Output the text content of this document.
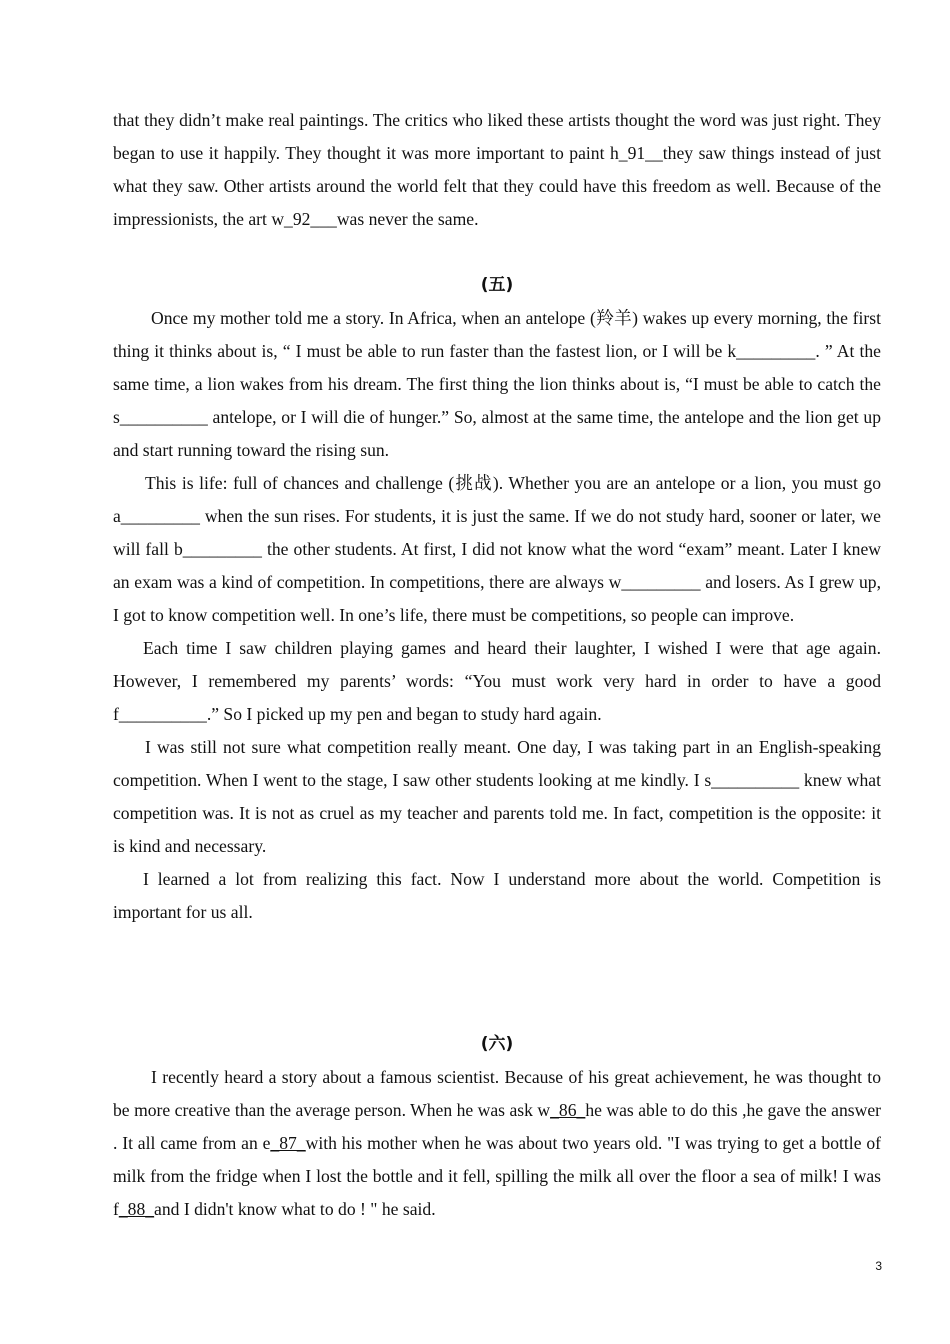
that they didn’t make real paintings. The critics who liked these artists thought the word was just right. They began to use it happily. They thought it was more important to paint h_91__they saw things instead of just what they saw. Other artists around the world felt that they could have this freedom as well. Because of the impressionists, the art w_92___was never the same.

(五)

Once my mother told me a story. In Africa, when an antelope (羚羊) wakes up every morning, the first thing it thinks about is, “ I must be able to run faster than the fastest lion, or I will be k_________. ” At the same time, a lion wakes from his dream. The first thing the lion thinks about is, “I must be able to catch the s__________ antelope, or I will die of hunger.” So, almost at the same time, the antelope and the lion get up and start running toward the rising sun.

This is life: full of chances and challenge (挑战). Whether you are an antelope or a lion, you must go a_________ when the sun rises. For students, it is just the same. If we do not study hard, sooner or later, we will fall b_________ the other students. At first, I did not know what the word “exam” meant. Later I knew an exam was a kind of competition. In competitions, there are always w_________ and losers. As I grew up, I got to know competition well. In one’s life, there must be competitions, so people can improve.

Each time I saw children playing games and heard their laughter, I wished I were that age again. However, I remembered my parents’ words: “You must work very hard in order to have a good f__________.” So I picked up my pen and began to study hard again.

I was still not sure what competition really meant. One day, I was taking part in an English-speaking competition. When I went to the stage, I saw other students looking at me kindly. I s__________ knew what competition was. It is not as cruel as my teacher and parents told me. In fact, competition is the opposite: it is kind and necessary.

I learned a lot from realizing this fact. Now I understand more about the world. Competition is important for us all.

(六)

I recently heard a story about a famous scientist. Because of his great achievement, he was thought to be more creative than the average person. When he was ask w_86_he was able to do this ,he gave the answer . It all came from an e_87_with his mother when he was about two years old. "I was trying to get a bottle of milk from the fridge when I lost the bottle and it fell, spilling the milk all over the floor a sea of milk! I was f_88_and I didn't know what to do ! " he said.

3
